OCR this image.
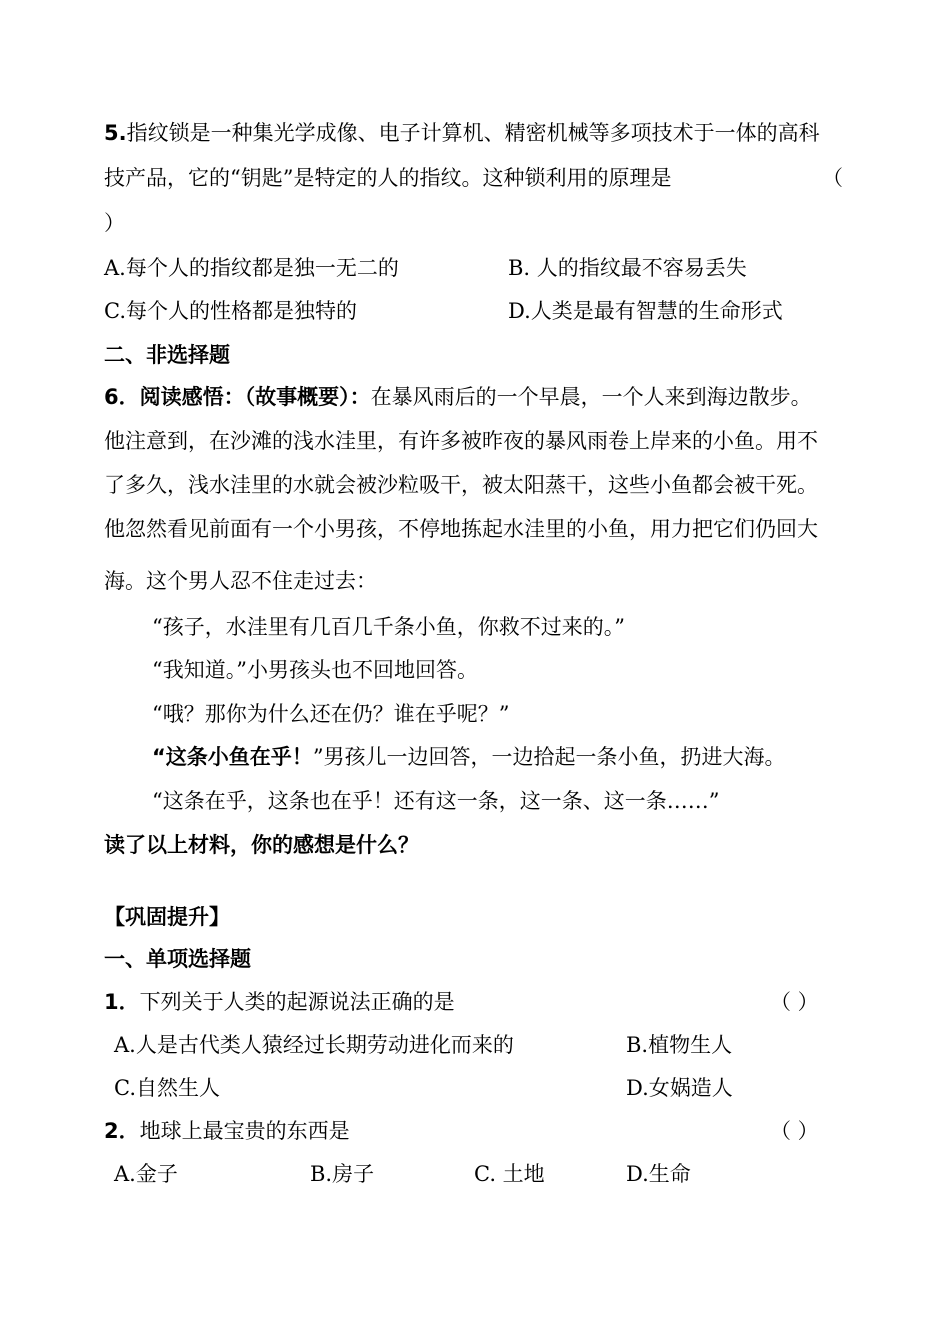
5.指纹锁是一种集光学成像、电子计算机、精密机械等多项技术于一体的高科
技产品，它的“钥匙”是特定的人的指纹。这种锁利用的原理是	（
）
A.每个人的指纹都是独一无二的	B. 人的指纹最不容易丢失
C.每个人的性格都是独特的	D.人类是最有智慧的生命形式
二、非选择题
6．阅读感悟：（故事概要）：在暴风雨后的一个早晨，一个人来到海边散步。
他注意到，在沙滩的浅水洼里，有许多被昨夜的暴风雨卷上岸来的小鱼。用不
了多久，浅水洼里的水就会被沙粒吸干，被太阳蒸干，这些小鱼都会被干死。
他忽然看见前面有一个小男孩，不停地拣起水洼里的小鱼，用力把它们仍回大
海。这个男人忍不住走过去：
“孩子，水洼里有几百几千条小鱼，你救不过来的。”
“我知道。”小男孩头也不回地回答。
“哦？那你为什么还在仍？谁在乎呢？”
“这条小鱼在乎！”男孩儿一边回答，一边拾起一条小鱼，扔进大海。
“这条在乎，这条也在乎！还有这一条，这一条、这一条……”
读了以上材料，你的感想是什么？
【巩固提升】
一、单项选择题
1．下列关于人类的起源说法正确的是	（ ）
A.人是古代类人猿经过长期劳动进化而来的	B.植物生人
C.自然生人	D.女娲造人
2．地球上最宝贵的东西是	（ ）
A.金子	B.房子	C. 土地	D.生命
